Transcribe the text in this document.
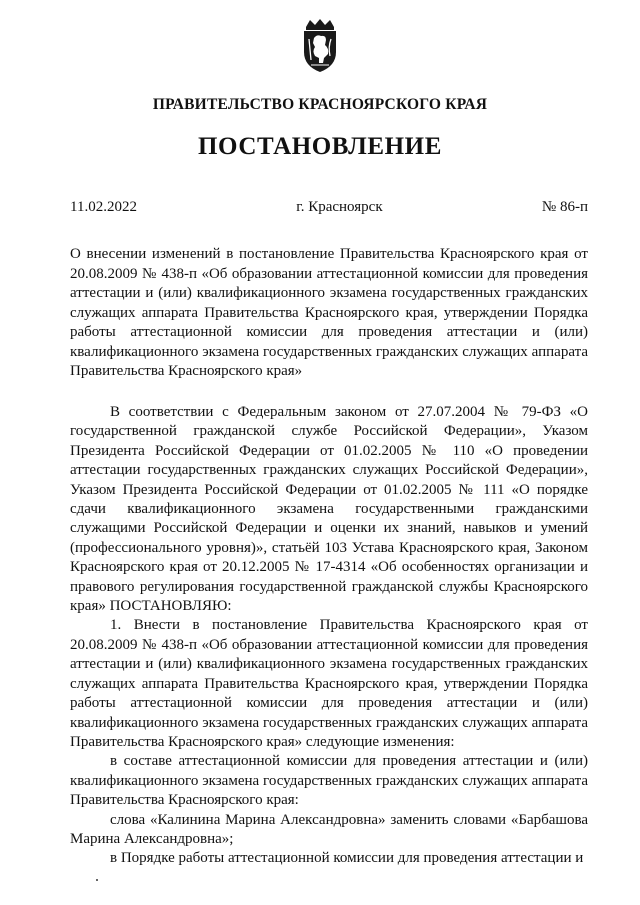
ПРАВИТЕЛЬСТВО КРАСНОЯРСКОГО КРАЯ
ПОСТАНОВЛЕНИЕ
11.02.2022	г. Красноярск	№ 86-п

О внесении изменений в постановление Правительства Красноярского края от 20.08.2009 № 438-п «Об образовании аттестационной комиссии для проведения аттестации и (или) квалификационного экзамена государственных гражданских служащих аппарата Правительства Красноярского края, утверждении Порядка работы аттестационной комиссии для проведения аттестации и (или) квалификационного экзамена государственных гражданских служащих аппарата Правительства Красноярского края»

В соответствии с Федеральным законом от 27.07.2004 № 79-ФЗ «О государственной гражданской службе Российской Федерации», Указом Президента Российской Федерации от 01.02.2005 № 110 «О проведении аттестации государственных гражданских служащих Российской Федерации», Указом Президента Российской Федерации от 01.02.2005 № 111 «О порядке сдачи квалификационного экзамена государственными гражданскими служащими Российской Федерации и оценки их знаний, навыков и умений (профессионального уровня)», статьёй 103 Устава Красноярского края, Законом Красноярского края от 20.12.2005 № 17-4314 «Об особенностях организации и правового регулирования государственной гражданской службы Красноярского края» ПОСТАНОВЛЯЮ:

1. Внести в постановление Правительства Красноярского края от 20.08.2009 № 438-п «Об образовании аттестационной комиссии для проведения аттестации и (или) квалификационного экзамена государственных гражданских служащих аппарата Правительства Красноярского края, утверждении Порядка работы аттестационной комиссии для проведения аттестации и (или) квалификационного экзамена государственных гражданских служащих аппарата Правительства Красноярского края» следующие изменения:

в составе аттестационной комиссии для проведения аттестации и (или) квалификационного экзамена государственных гражданских служащих аппарата Правительства Красноярского края:

слова «Калинина Марина Александровна» заменить словами «Барбашова Марина Александровна»;

в Порядке работы аттестационной комиссии для проведения аттестации и
